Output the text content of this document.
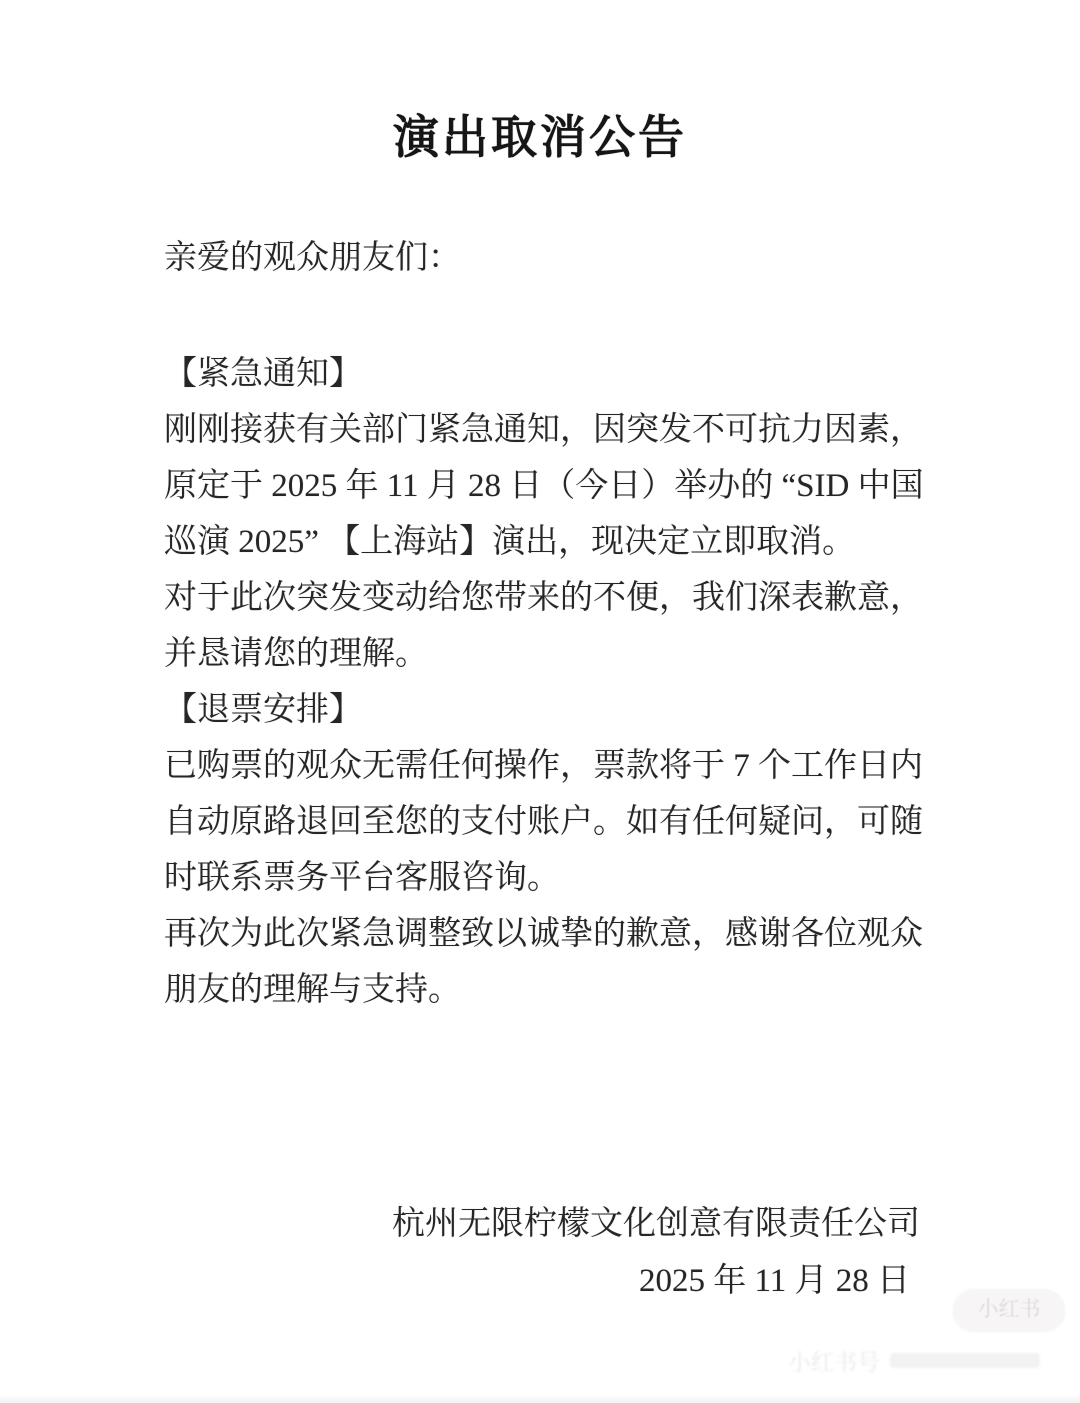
演出取消公告
亲爱的观众朋友们：
【紧急通知】
刚刚接获有关部门紧急通知，因突发不可抗力因素，
原定于 2025 年 11 月 28 日（今日）举办的 “SID 中国
巡演 2025” 【上海站】演出，现决定立即取消。
对于此次突发变动给您带来的不便，我们深表歉意，
并恳请您的理解。
【退票安排】
已购票的观众无需任何操作，票款将于 7 个工作日内
自动原路退回至您的支付账户。如有任何疑问，可随
时联系票务平台客服咨询。
再次为此次紧急调整致以诚挚的歉意，感谢各位观众
朋友的理解与支持。
杭州无限柠檬文化创意有限责任公司
2025 年 11 月 28 日
小红书
小红书号
